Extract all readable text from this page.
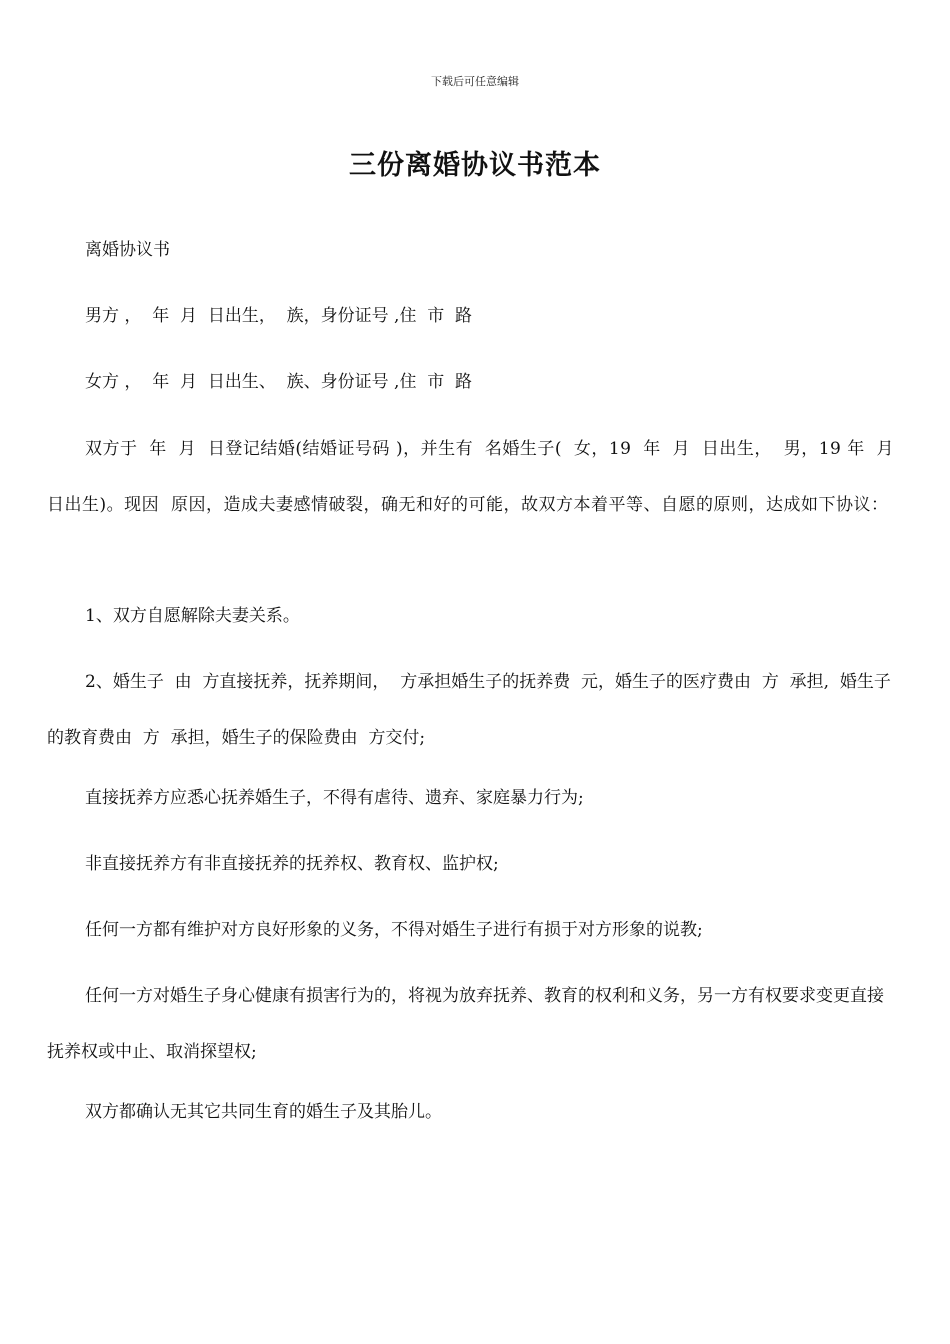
下载后可任意编辑
三份离婚协议书范本
离婚协议书
男方 ，  年  月  日出生，  族，身份证号 ,住  市  路
女方 ，  年  月  日出生、  族、身份证号 ,住  市  路
双方于  年  月  日登记结婚(结婚证号码 )，并生有  名婚生子(  女，19  年  月  日出生，  男，19 年  月  日出生)。现因  原因，造成夫妻感情破裂，确无和好的可能，故双方本着平等、自愿的原则，达成如下协议：
1、双方自愿解除夫妻关系。
2、婚生子  由  方直接抚养，抚养期间，  方承担婚生子的抚养费  元，婚生子的医疗费由  方  承担,  婚生子的教育费由  方  承担，婚生子的保险费由  方交付;
直接抚养方应悉心抚养婚生子，不得有虐待、遗弃、家庭暴力行为;
非直接抚养方有非直接抚养的抚养权、教育权、监护权;
任何一方都有维护对方良好形象的义务，不得对婚生子进行有损于对方形象的说教;
任何一方对婚生子身心健康有损害行为的，将视为放弃抚养、教育的权利和义务，另一方有权要求变更直接抚养权或中止、取消探望权;
双方都确认无其它共同生育的婚生子及其胎儿。
